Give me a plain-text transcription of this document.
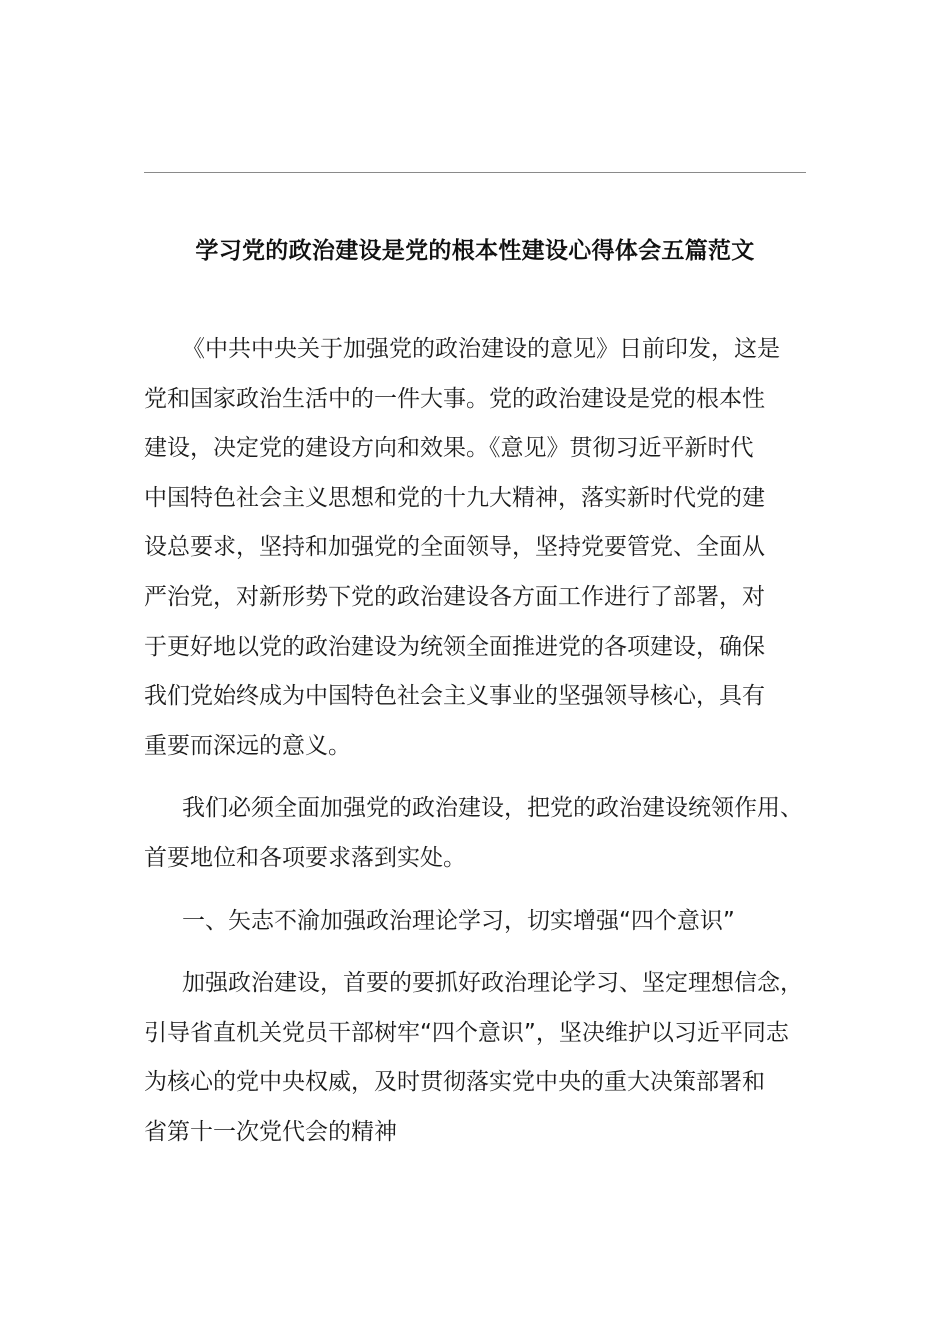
学习党的政治建设是党的根本性建设心得体会五篇范文

《中共中央关于加强党的政治建设的意见》日前印发，这是
党和国家政治生活中的一件大事。党的政治建设是党的根本性
建设，决定党的建设方向和效果。《意见》贯彻习近平新时代
中国特色社会主义思想和党的十九大精神，落实新时代党的建
设总要求，坚持和加强党的全面领导，坚持党要管党、全面从
严治党，对新形势下党的政治建设各方面工作进行了部署，对
于更好地以党的政治建设为统领全面推进党的各项建设，确保
我们党始终成为中国特色社会主义事业的坚强领导核心，具有
重要而深远的意义。

我们必须全面加强党的政治建设，把党的政治建设统领作用、
首要地位和各项要求落到实处。

一、矢志不渝加强政治理论学习，切实增强“四个意识”

加强政治建设，首要的要抓好政治理论学习、坚定理想信念，
引导省直机关党员干部树牢“四个意识”，坚决维护以习近平同志
为核心的党中央权威，及时贯彻落实党中央的重大决策部署和
省第十一次党代会的精神
